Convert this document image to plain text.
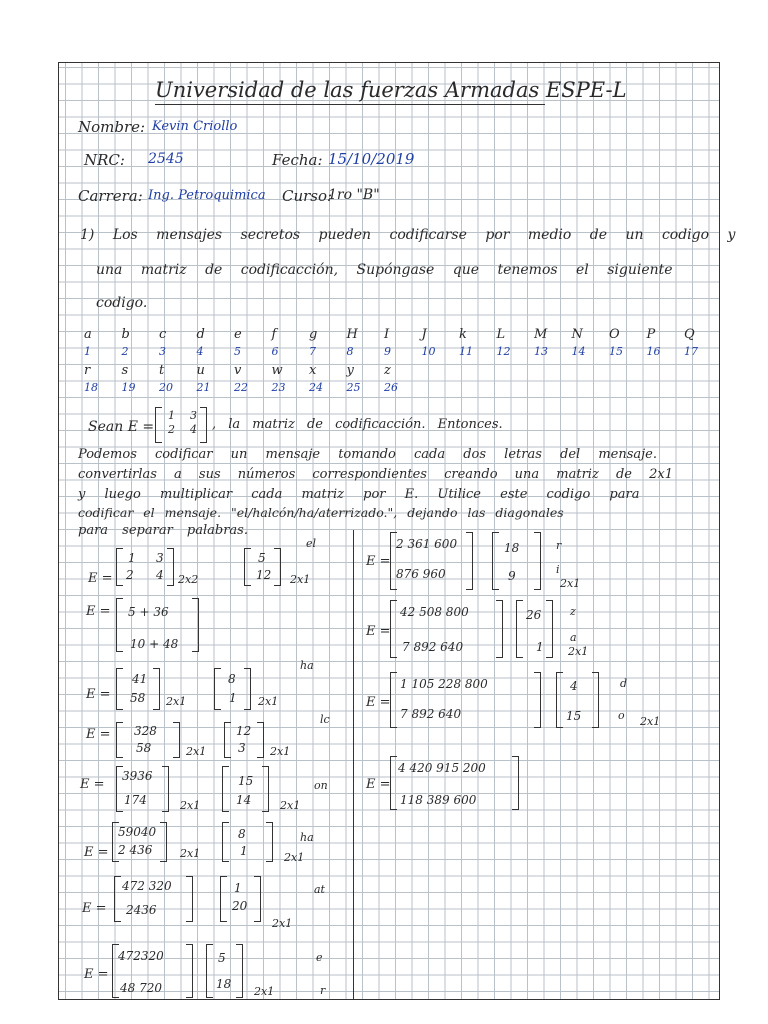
Universidad de las fuerzas Armadas ESPE-L
Nombre: Kevin Criollo
NRC: 2545	Fecha: 15/10/2019
Carrera: Ing. Petroquimica Curso:
1ro "B"
1) Los mensajes secretos pueden codificarse por medio de un codigo y
una matriz de codificacción, Supóngase que tenemos el siguiente
codigo.
a b c d e f	g H I J k L M N O P Q
1	2	3	4	5	6	7	8	9	10 11 12 13 14 15 16 17
r s t u v w x y z
18 19 20 21 22 23 24 25 26
Sean E =
1 3
2 4 , la matriz de codificacción. Entonces.
Podemos codificar un mensaje tomando cada dos letras del mensaje.
convertirlas a sus números correspondientes creando una matriz de 2x1
y luego multiplicar cada matriz por E. Utilice este codigo para
codificar el mensaje. "el/halcón/ha/aterrizado.", dejando las diagonales
para separar palabras.
E =
1 3
2 4 2x2
5
12 2x1
el
E = 5 + 36
10 + 48
E =
41
58 2x1
8
1 2x1
ha
E = 328
58	2x1
12
3 2x1
lc
E =
3936
174	2x1
15
14	2x1
on
E =
59040
2 436	2x1
8
1	2x1
ha
E =
472 320
2436
1
20
2x1
at
E =
472320
48 720
5
18
2x1
e
r
E =
2 361 600
876 960
18
9
r
i
2x1
E =
42 508 800
7 892 640
26
1
z
a
2x1
E =
1 105 228 800
7 892 640
4
15
d
o 2x1
E =
4 420 915 200
118 389 600
